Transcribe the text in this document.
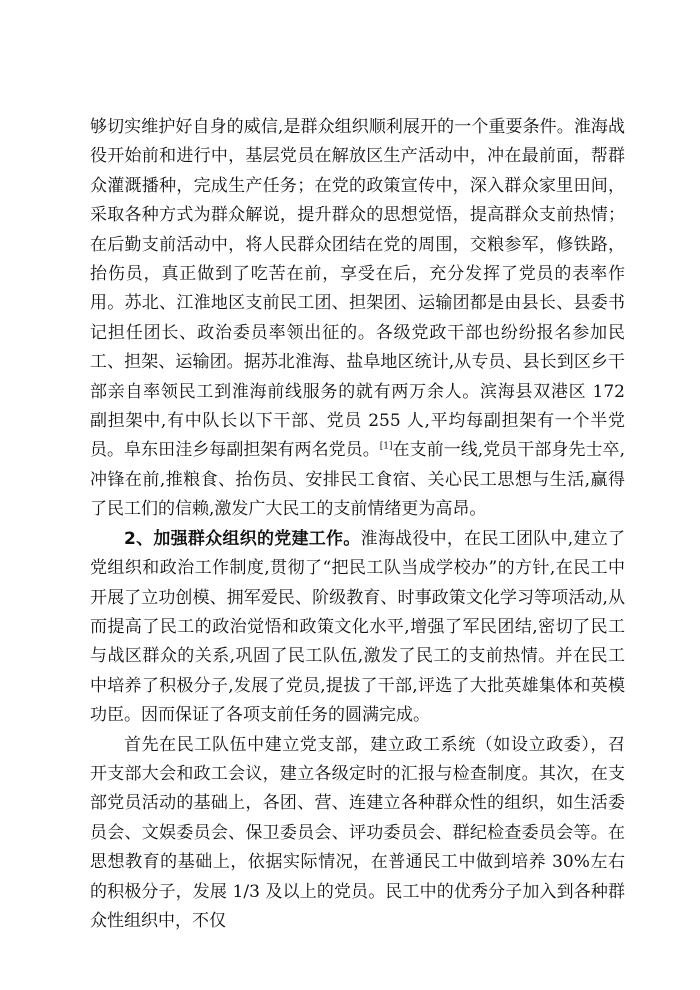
够切实维护好自身的威信,是群众组织顺利展开的一个重要条件。淮海战役开始前和进行中，基层党员在解放区生产活动中，冲在最前面，帮群众灌溉播种，完成生产任务；在党的政策宣传中，深入群众家里田间，采取各种方式为群众解说，提升群众的思想觉悟，提高群众支前热情；在后勤支前活动中，将人民群众团结在党的周围，交粮参军，修铁路，抬伤员，真正做到了吃苦在前，享受在后，充分发挥了党员的表率作用。苏北、江淮地区支前民工团、担架团、运输团都是由县长、县委书记担任团长、政治委员率领出征的。各级党政干部也纷纷报名参加民工、担架、运输团。据苏北淮海、盐阜地区统计,从专员、县长到区乡干部亲自率领民工到淮海前线服务的就有两万余人。滨海县双港区 172 副担架中,有中队长以下干部、党员 255 人,平均每副担架有一个半党员。阜东田洼乡每副担架有两名党员。[1]在支前一线,党员干部身先士卒,冲锋在前,推粮食、抬伤员、安排民工食宿、关心民工思想与生活,赢得了民工们的信赖,激发广大民工的支前情绪更为高昂。

2、加强群众组织的党建工作。淮海战役中，在民工团队中,建立了党组织和政治工作制度,贯彻了“把民工队当成学校办”的方针,在民工中开展了立功创模、拥军爱民、阶级教育、时事政策文化学习等项活动,从而提高了民工的政治觉悟和政策文化水平,增强了军民团结,密切了民工与战区群众的关系,巩固了民工队伍,激发了民工的支前热情。并在民工中培养了积极分子,发展了党员,提拔了干部,评选了大批英雄集体和英模功臣。因而保证了各项支前任务的圆满完成。

首先在民工队伍中建立党支部，建立政工系统（如设立政委），召开支部大会和政工会议，建立各级定时的汇报与检查制度。其次，在支部党员活动的基础上，各团、营、连建立各种群众性的组织，如生活委员会、文娱委员会、保卫委员会、评功委员会、群纪检查委员会等。在思想教育的基础上，依据实际情况，在普通民工中做到培养 30%左右的积极分子，发展 1/3 及以上的党员。民工中的优秀分子加入到各种群众性组织中，不仅
